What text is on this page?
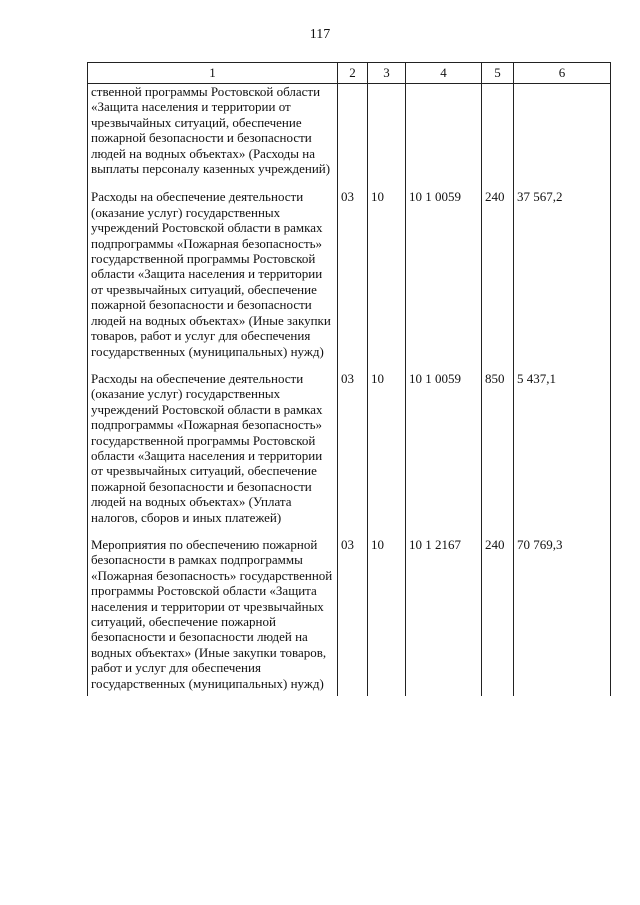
117
1	2	3	4	5	6
ственной программы Ростовской области «Защита населения и территории от чрезвычайных ситуаций, обеспечение пожарной безопасности и безопасности людей на водных объектах» (Расходы на выплаты персоналу казенных учреждений)					
Расходы на обеспечение деятельности (оказание услуг) государственных учреждений Ростовской области в рамках подпрограммы «Пожарная безопасность» государственной программы Ростовской области «Защита населения и территории от чрезвычайных ситуаций, обеспечение пожарной безопасности и безопасности людей на водных объектах» (Иные закупки товаров, работ и услуг для обеспечения государственных (муниципальных) нужд)	03	10	10 1 0059	240	37 567,2
Расходы на обеспечение деятельности (оказание услуг) государственных учреждений Ростовской области в рамках подпрограммы «Пожарная безопасность» государственной программы Ростовской области «Защита населения и территории от чрезвычайных ситуаций, обеспечение пожарной безопасности и безопасности людей на водных объектах» (Уплата налогов, сборов и иных платежей)	03	10	10 1 0059	850	5 437,1
Мероприятия по обеспечению пожарной безопасности в рамках подпрограммы «Пожарная безопасность» государственной программы Ростовской области «Защита населения и территории от чрезвычайных ситуаций, обеспечение пожарной безопасности и безопасности людей на водных объектах» (Иные закупки товаров, работ и услуг для обеспечения государственных (муниципальных) нужд)	03	10	10 1 2167	240	70 769,3
